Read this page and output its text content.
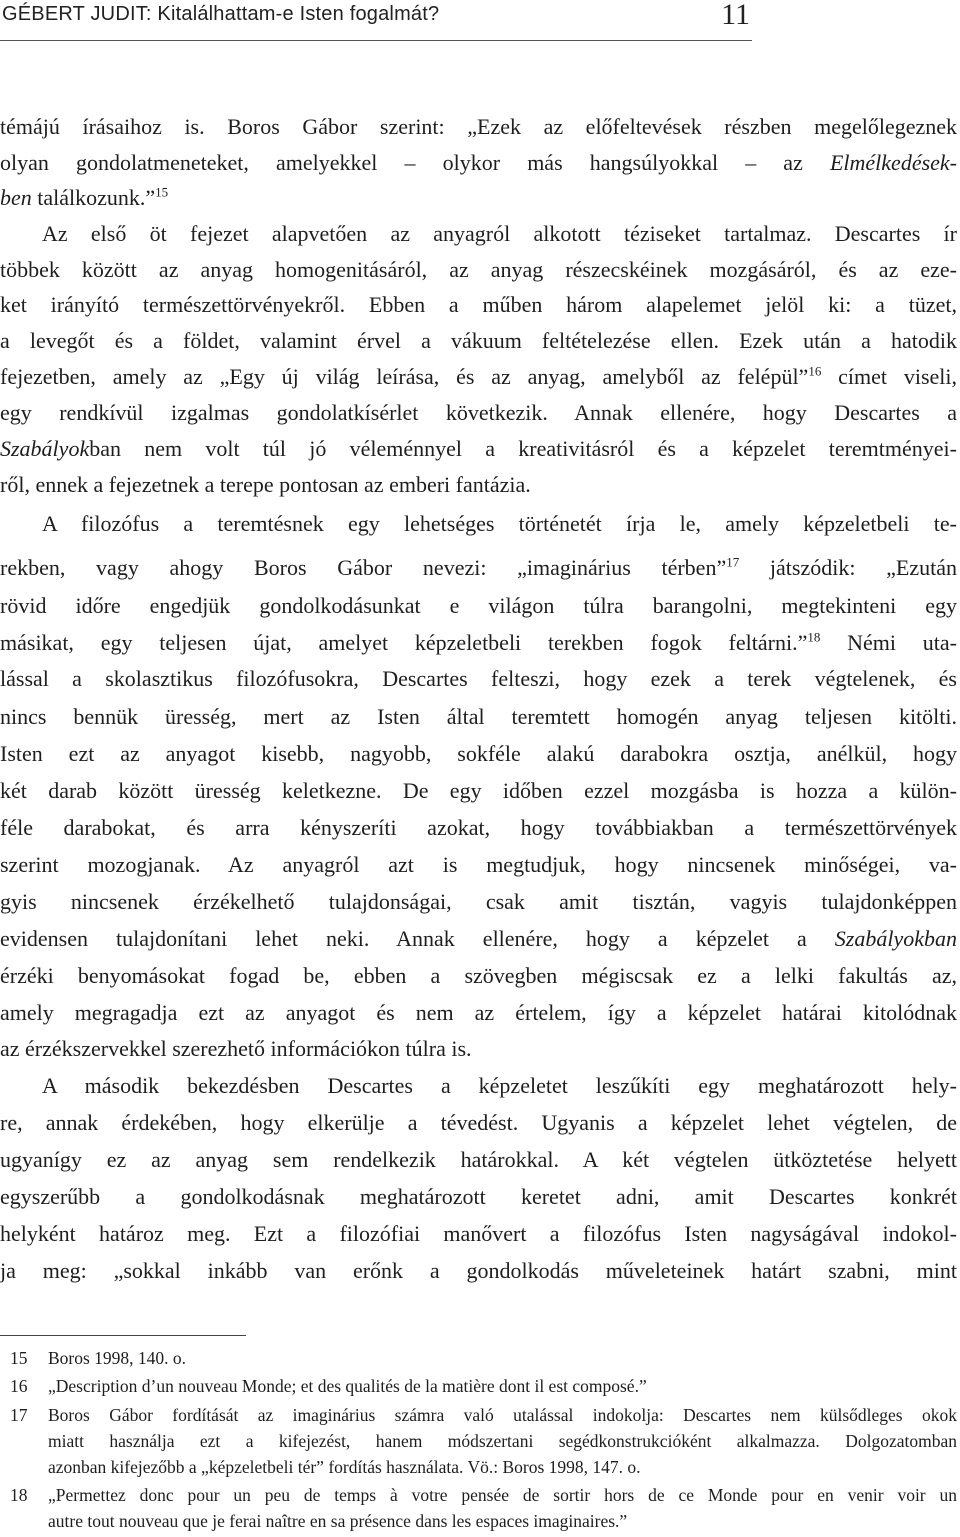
GÉBERT JUDIT: Kitalálhattam-e Isten fogalmát?	11
témájú írásaihoz is. Boros Gábor szerint: „Ezek az előfeltevések részben megelőlegeznek
olyan gondolatmeneteket, amelyekkel – olykor más hangsúlyokkal – az Elmélkedések-
ben találkozunk.”$^{15}$
Az első öt fejezet alapvetően az anyagról alkotott téziseket tartalmaz. Descartes ír
többek között az anyag homogenitásáról, az anyag részecskéinek mozgásáról, és az eze-
ket irányító természettörvényekről. Ebben a műben három alapelemet jelöl ki: a tüzet,
a levegőt és a földet, valamint érvel a vákuum feltételezése ellen. Ezek után a hatodik
fejezetben, amely az „Egy új világ leírása, és az anyag, amelyből az felépül”$^{16}$ címet viseli,
egy rendkívül izgalmas gondolatkísérlet következik. Annak ellenére, hogy Descartes a
Szabályokban nem volt túl jó véleménnyel a kreativitásról és a képzelet teremtményei-
ről, ennek a fejezetnek a terepe pontosan az emberi fantázia.
A filozófus a teremtésnek egy lehetséges történetét írja le, amely képzeletbeli te-
rekben, vagy ahogy Boros Gábor nevezi: „imaginárius térben”$^{17}$ játszódik: „Ezután
rövid időre engedjük gondolkodásunkat e világon túlra barangolni, megtekinteni egy
másikat, egy teljesen újat, amelyet képzeletbeli terekben fogok feltárni.”$^{18}$ Némi uta-
lással a skolasztikus filozófusokra, Descartes felteszi, hogy ezek a terek végtelenek, és
nincs bennük üresség, mert az Isten által teremtett homogén anyag teljesen kitölti.
Isten ezt az anyagot kisebb, nagyobb, sokféle alakú darabokra osztja, anélkül, hogy
két darab között üresség keletkezne. De egy időben ezzel mozgásba is hozza a külön-
féle darabokat, és arra kényszeríti azokat, hogy továbbiakban a természettörvények
szerint mozogjanak. Az anyagról azt is megtudjuk, hogy nincsenek minőségei, va-
gyis nincsenek érzékelhető tulajdonságai, csak amit tisztán, vagyis tulajdonképpen
evidensen tulajdonítani lehet neki. Annak ellenére, hogy a képzelet a Szabályokban
érzéki benyomásokat fogad be, ebben a szövegben mégiscsak ez a lelki fakultás az,
amely megragadja ezt az anyagot és nem az értelem, így a képzelet határai kitolódnak
az érzékszervekkel szerezhető információkon túlra is.
A második bekezdésben Descartes a képzeletet leszűkíti egy meghatározott hely-
re, annak érdekében, hogy elkerülje a tévedést. Ugyanis a képzelet lehet végtelen, de
ugyanígy ez az anyag sem rendelkezik határokkal. A két végtelen ütköztetése helyett
egyszerűbb a gondolkodásnak meghatározott keretet adni, amit Descartes konkrét
helyként határoz meg. Ezt a filozófiai manővert a filozófus Isten nagyságával indokol-
ja meg: „sokkal inkább van erőnk a gondolkodás műveleteinek határt szabni, mint
15	Boros 1998, 140. o.
16	„Description d’un nouveau Monde; et des qualités de la matière dont il est composé.”
17	Boros Gábor fordítását az imaginárius számra való utalással indokolja: Descartes nem külsődleges okok
miatt használja ezt a kifejezést, hanem módszertani segédkonstrukcióként alkalmazza. Dolgozatomban
azonban kifejezőbb a „képzeletbeli tér” fordítás használata. Vö.: Boros 1998, 147. o.
18	„Permettez donc pour un peu de temps à votre pensée de sortir hors de ce Monde pour en venir voir un
autre tout nouveau que je ferai naître en sa présence dans les espaces imaginaires.”
